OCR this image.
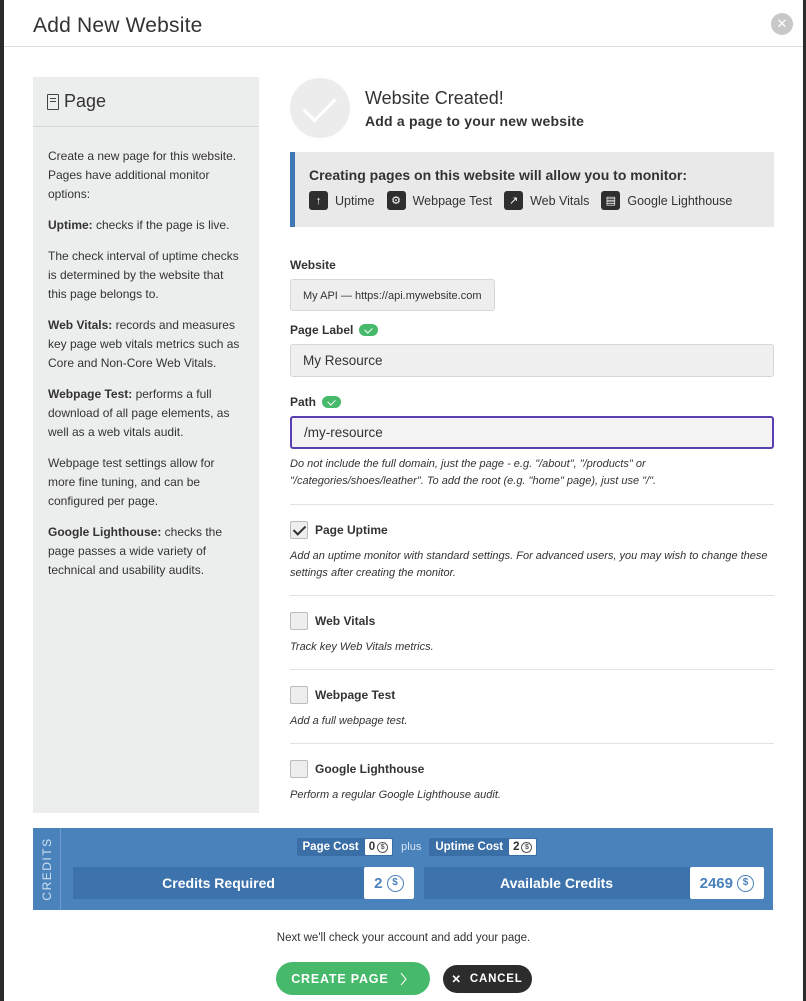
Add New Website	✕
Page

Create a new page for this website. Pages have additional monitor options:

Uptime: checks if the page is live.

The check interval of uptime checks is determined by the website that this page belongs to.

Web Vitals: records and measures key page web vitals metrics such as Core and Non-Core Web Vitals.

Webpage Test: performs a full download of all page elements, as well as a web vitals audit.

Webpage test settings allow for more fine tuning, and can be configured per page.

Google Lighthouse: checks the page passes a wide variety of technical and usability audits.

Website Created!
Add a page to your new website
Creating pages on this website will allow you to monitor:
↑	Uptime	⚙ Webpage Test	↗ Web Vitals	▤ Google Lighthouse
Website
My API — https://api.mywebsite.com
Page Label
My Resource
Path
/my-resource
Do not include the full domain, just the page - e.g. "/about", "/products" or "/categories/shoes/leather". To add the root (e.g. "home" page), just use "/".
Page Uptime
Add an uptime monitor with standard settings. For advanced users, you may wish to change these settings after creating the monitor.
Web Vitals
Track key Web Vitals metrics.
Webpage Test
Add a full webpage test.
Google Lighthouse
Perform a regular Google Lighthouse audit.
CREDITS	Page Cost 0 $	plus	Uptime Cost 2 $
Credits Required	2 $	Available Credits	2469 $
Next we'll check your account and add your page.
CREATE PAGE 〉	✕ CANCEL
